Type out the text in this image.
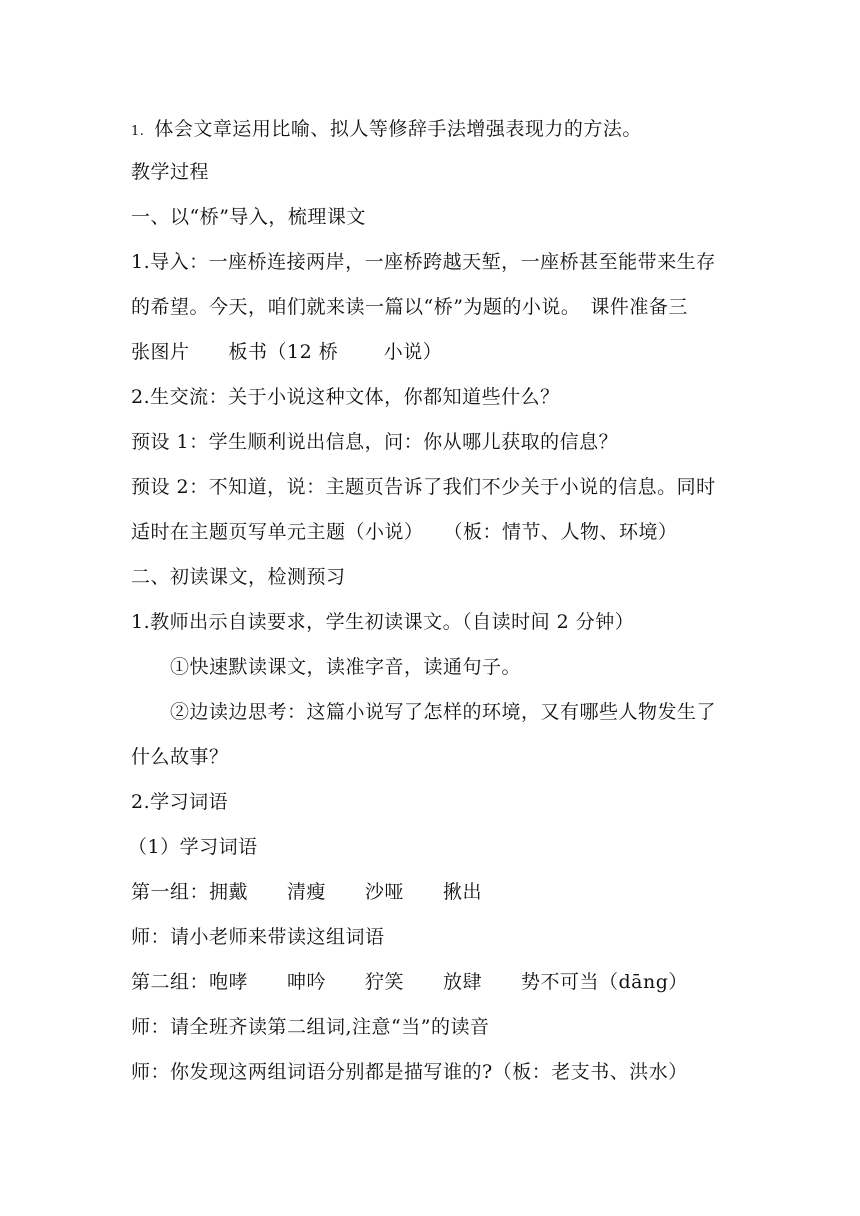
1. 体会文章运用比喻、拟人等修辞手法增强表现力的方法。
教学过程
一、以“桥”导入，梳理课文
1.导入：一座桥连接两岸，一座桥跨越天堑，一座桥甚至能带来生存
的希望。今天，咱们就来读一篇以“桥”为题的小说。　课件准备三
张图片　　板书（12 桥　　 小说）
2.生交流：关于小说这种文体，你都知道些什么？
预设 1：学生顺利说出信息，问：你从哪儿获取的信息？
预设 2：不知道，说：主题页告诉了我们不少关于小说的信息。同时
适时在主题页写单元主题（小说）　　（板：情节、人物、环境）
二、初读课文，检测预习
1.教师出示自读要求，学生初读课文。（自读时间 2 分钟）
①快速默读课文，读准字音，读通句子。
②边读边思考：这篇小说写了怎样的环境，又有哪些人物发生了
什么故事？
2.学习词语
（1）学习词语
第一组：拥戴　　清瘦　　沙哑　　揪出
师：请小老师来带读这组词语
第二组：咆哮　　呻吟　　狞笑　　放肆　　势不可当（dāng）
师：请全班齐读第二组词,注意“当”的读音
师：你发现这两组词语分别都是描写谁的?（板：老支书、洪水）
